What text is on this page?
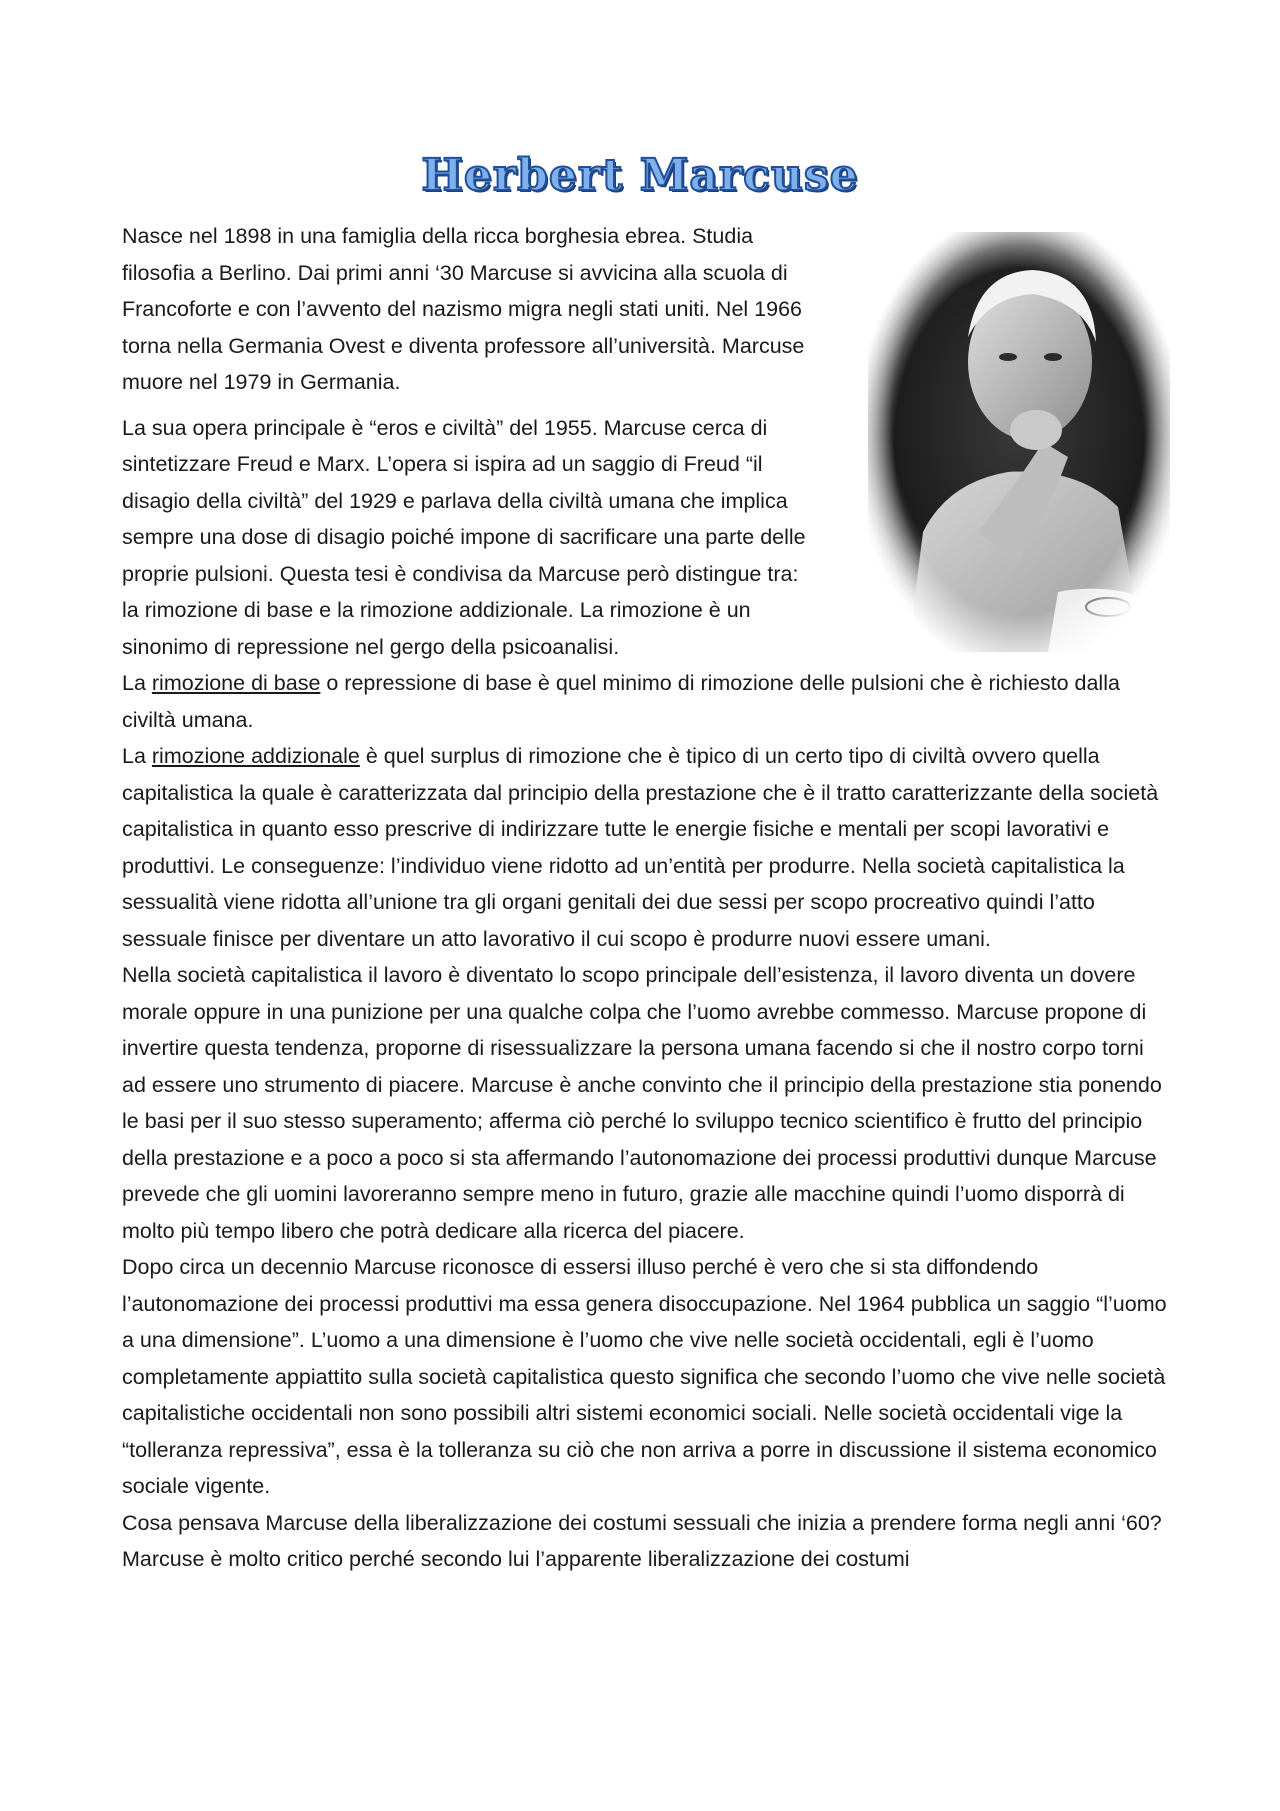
Herbert Marcuse

Nasce nel 1898 in una famiglia della ricca borghesia ebrea. Studia filosofia a Berlino. Dai primi anni ‘30 Marcuse si avvicina alla scuola di Francoforte e con l’avvento del nazismo migra negli stati uniti. Nel 1966 torna nella Germania Ovest e diventa professore all’università. Marcuse muore nel 1979 in Germania.

La sua opera principale è “eros e civiltà” del 1955. Marcuse cerca di sintetizzare Freud e Marx. L’opera si ispira ad un saggio di Freud “il disagio della civiltà” del 1929 e parlava della civiltà umana che implica sempre una dose di disagio poiché impone di sacrificare una parte delle proprie pulsioni. Questa tesi è condivisa da Marcuse però distingue tra: la rimozione di base e la rimozione addizionale. La rimozione è un sinonimo di repressione nel gergo della psicoanalisi.

La rimozione di base o repressione di base è quel minimo di rimozione delle pulsioni che è richiesto dalla civiltà umana.

La rimozione addizionale è quel surplus di rimozione che è tipico di un certo tipo di civiltà ovvero quella capitalistica la quale è caratterizzata dal principio della prestazione che è il tratto caratterizzante della società capitalistica in quanto esso prescrive di indirizzare tutte le energie fisiche e mentali per scopi lavorativi e produttivi. Le conseguenze: l’individuo viene ridotto ad un’entità per produrre. Nella società capitalistica la sessualità viene ridotta all’unione tra gli organi genitali dei due sessi per scopo procreativo quindi l’atto sessuale finisce per diventare un atto lavorativo il cui scopo è produrre nuovi essere umani.

Nella società capitalistica il lavoro è diventato lo scopo principale dell’esistenza, il lavoro diventa un dovere morale oppure in una punizione per una qualche colpa che l’uomo avrebbe commesso. Marcuse propone di invertire questa tendenza, proporne di risessualizzare la persona umana facendo si che il nostro corpo torni ad essere uno strumento di piacere. Marcuse è anche convinto che il principio della prestazione stia ponendo le basi per il suo stesso superamento; afferma ciò perché lo sviluppo tecnico scientifico è frutto del principio della prestazione e a poco a poco si sta affermando l’autonomazione dei processi produttivi dunque Marcuse prevede che gli uomini lavoreranno sempre meno in futuro, grazie alle macchine quindi l’uomo disporrà di molto più tempo libero che potrà dedicare alla ricerca del piacere.

Dopo circa un decennio Marcuse riconosce di essersi illuso perché è vero che si sta diffondendo l’autonomazione dei processi produttivi ma essa genera disoccupazione. Nel 1964 pubblica un saggio “l’uomo a una dimensione”. L’uomo a una dimensione è l’uomo che vive nelle società occidentali, egli è l’uomo completamente appiattito sulla società capitalistica questo significa che secondo l’uomo che vive nelle società capitalistiche occidentali non sono possibili altri sistemi economici sociali. Nelle società occidentali vige la “tolleranza repressiva”, essa è la tolleranza su ciò che non arriva a porre in discussione il sistema economico sociale vigente.

Cosa pensava Marcuse della liberalizzazione dei costumi sessuali che inizia a prendere forma negli anni ‘60? Marcuse è molto critico perché secondo lui l’apparente liberalizzazione dei costumi
